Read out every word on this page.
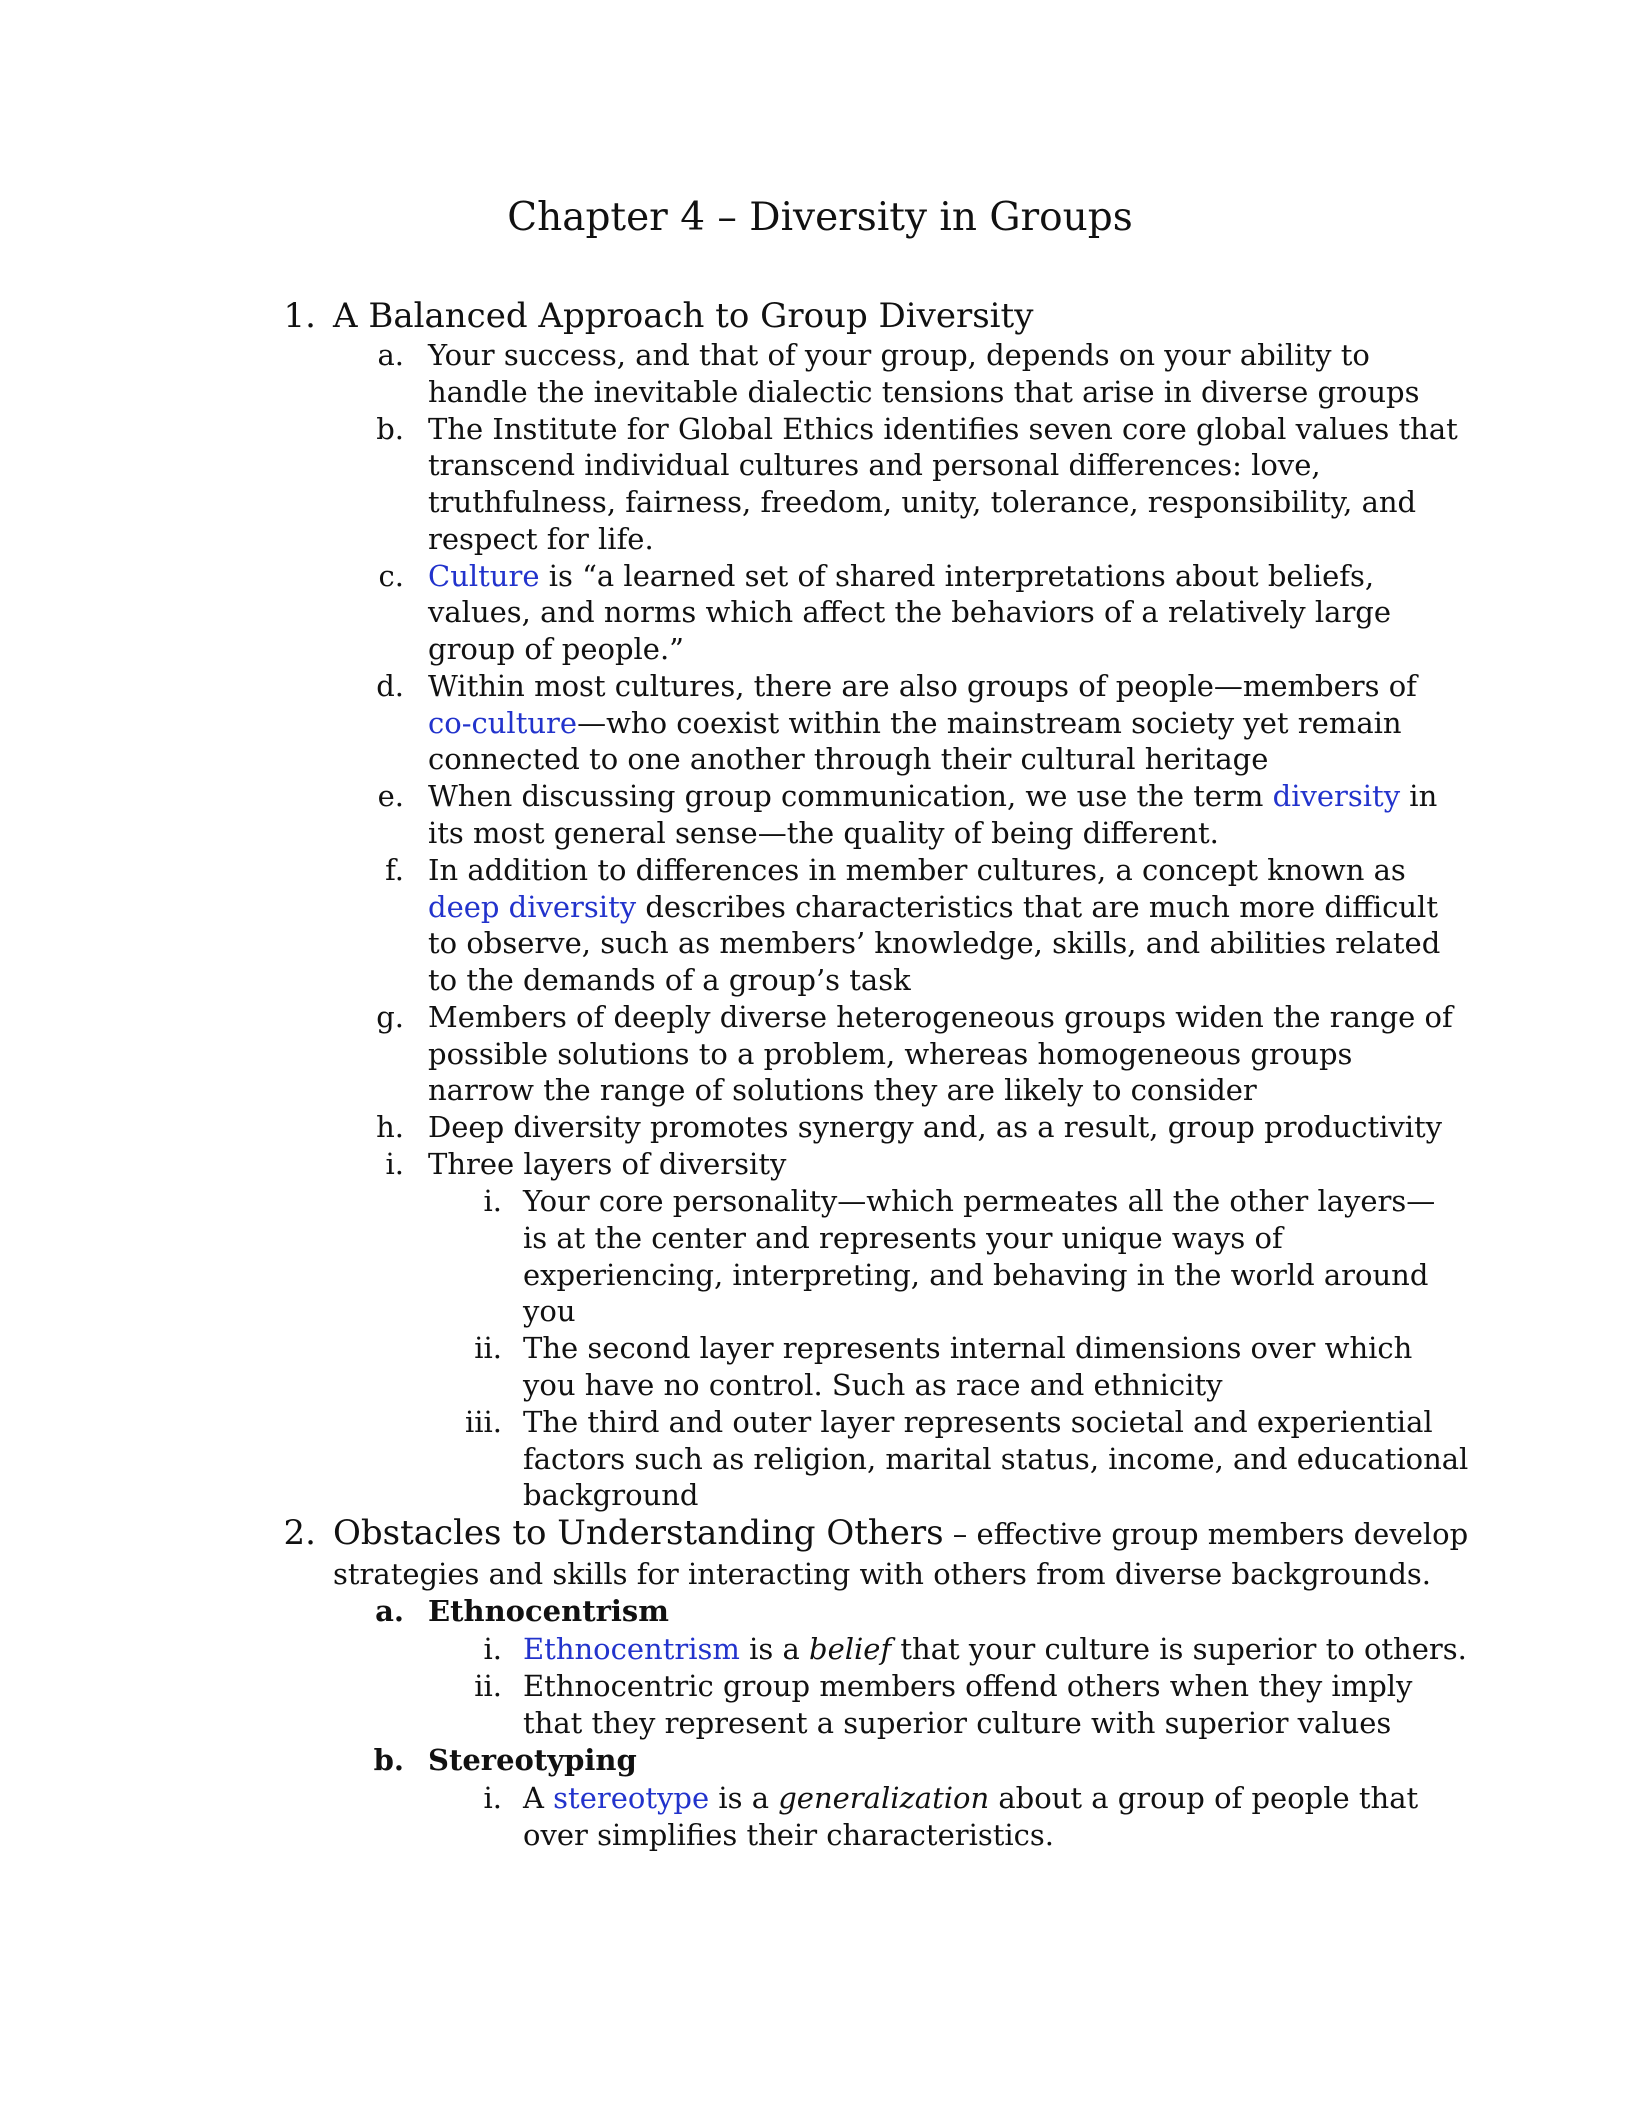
Chapter 4 – Diversity in Groups
1. A Balanced Approach to Group Diversity
a. Your success, and that of your group, depends on your ability to
handle the inevitable dialectic tensions that arise in diverse groups
b. The Institute for Global Ethics identifies seven core global values that
transcend individual cultures and personal differences: love,
truthfulness, fairness, freedom, unity, tolerance, responsibility, and
respect for life.
c. Culture is “a learned set of shared interpretations about beliefs,
values, and norms which affect the behaviors of a relatively large
group of people.”
d. Within most cultures, there are also groups of people—members of
co-culture—who coexist within the mainstream society yet remain
connected to one another through their cultural heritage
e. When discussing group communication, we use the term diversity in
its most general sense—the quality of being different.
f. In addition to differences in member cultures, a concept known as
deep diversity describes characteristics that are much more difficult
to observe, such as members’ knowledge, skills, and abilities related
to the demands of a group’s task
g. Members of deeply diverse heterogeneous groups widen the range of
possible solutions to a problem, whereas homogeneous groups
narrow the range of solutions they are likely to consider
h. Deep diversity promotes synergy and, as a result, group productivity
i. Three layers of diversity
i. Your core personality—which permeates all the other layers—
is at the center and represents your unique ways of
experiencing, interpreting, and behaving in the world around
you
ii. The second layer represents internal dimensions over which
you have no control. Such as race and ethnicity
iii. The third and outer layer represents societal and experiential
factors such as religion, marital status, income, and educational
background
2. Obstacles to Understanding Others – effective group members develop
strategies and skills for interacting with others from diverse backgrounds.
a. Ethnocentrism
i. Ethnocentrism is a belief that your culture is superior to others.
ii. Ethnocentric group members offend others when they imply
that they represent a superior culture with superior values
b. Stereotyping
i. A stereotype is a generalization about a group of people that
over simplifies their characteristics.
